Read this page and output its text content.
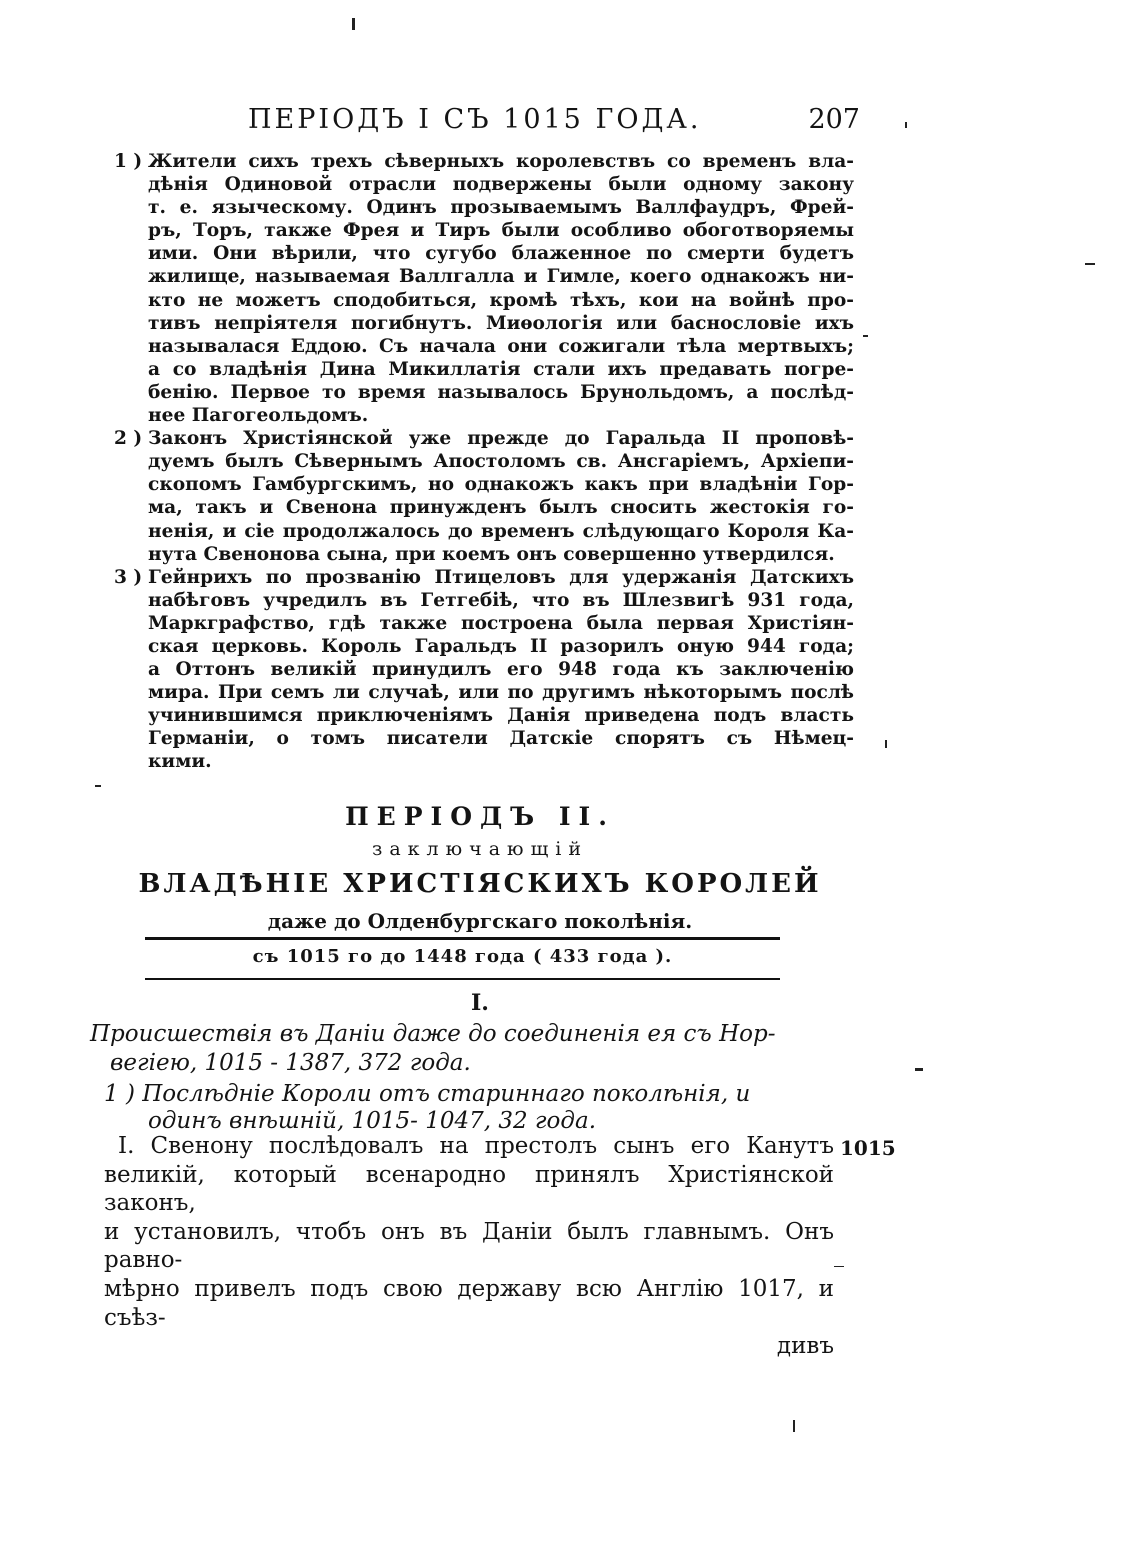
ПЕРIОДЪ I СЪ 1015 ГОДА.	207
1 ) Жители сихъ трехъ сѣверныхъ королевствъ со временъ вла-
дѣнiя Одиновой отрасли подвержены были одному закону
т. е. языческому. Одинъ прозываемымъ Валлфаудръ, Фрей-
ръ, Торъ, также Фрея и Тиръ были особливо обоготворяемы
ими. Они вѣрили, что сугубо блаженное по смерти будетъ
жилище, называемая Валлгалла и Гимле, коего однакожъ ни-
кто не можетъ сподобиться, кромѣ тѣхъ, кои на войнѣ про-
тивъ непрiятеля погибнутъ. Миѳологiя или баснословiе ихъ
называлася Еддою. Съ начала они сожигали тѣла мертвыхъ;
а со владѣнiя Дина Микиллатiя стали ихъ предавать погре-
бенiю. Первое то время называлось Брунольдомъ, а послѣд-
нее Пагогеольдомъ.
2 ) Законъ Христiянской уже прежде до Гаральда II проповѣ-
дуемъ былъ Сѣвернымъ Апостоломъ св. Ансгарiемъ, Архiепи-
скопомъ Гамбургскимъ, но однакожъ какъ при владѣнiи Гор-
ма, такъ и Свенона принужденъ былъ сносить жестокiя го-
ненiя, и сiе продолжалось до временъ слѣдующаго Короля Ка-
нута Свенонова сына, при коемъ онъ совершенно утвердился.
3 ) Гейнрихъ по прозванiю Птицеловъ для удержанiя Датскихъ
набѣговъ учредилъ въ Гетгебiѣ, что въ Шлезвигѣ 931 года,
Маркграфство, гдѣ также построена была первая Христiян-
ская церковь. Король Гаральдъ II разорилъ оную 944 года;
а Оттонъ великiй принудилъ его 948 года къ заключенiю
мира. При семъ ли случаѣ, или по другимъ нѣкоторымъ послѣ
учинившимся приключенiямъ Данiя приведена подъ власть
Германiи, о томъ писатели Датскiе спорятъ съ Нѣмец-
кими.
ПЕРIОДЪ II.
заключающiй
ВЛАДѢНIЕ ХРИСТIЯСКИХЪ КОРОЛЕЙ
даже до Олденбургскаго поколѣнiя.
съ 1015 го до 1448 года ( 433 года ).
I.
Происшествiя въ Данiи даже до соединенiя ея съ Нор-
вегiею, 1015 - 1387, 372 года.
1 ) Послѣднiе Короли отъ стариннаго поколѣнiя, и
одинъ внѣшнiй, 1015- 1047, 32 года.
I. Свенону послѣдовалъ на престолъ сынъ его Канутъ
великiй, который всенародно принялъ Христiянской законъ,
и установилъ, чтобъ онъ въ Данiи былъ главнымъ. Онъ равно-
мѣрно привелъ подъ свою державу всю Англiю 1017, и съѣз-
дивъ
1015
